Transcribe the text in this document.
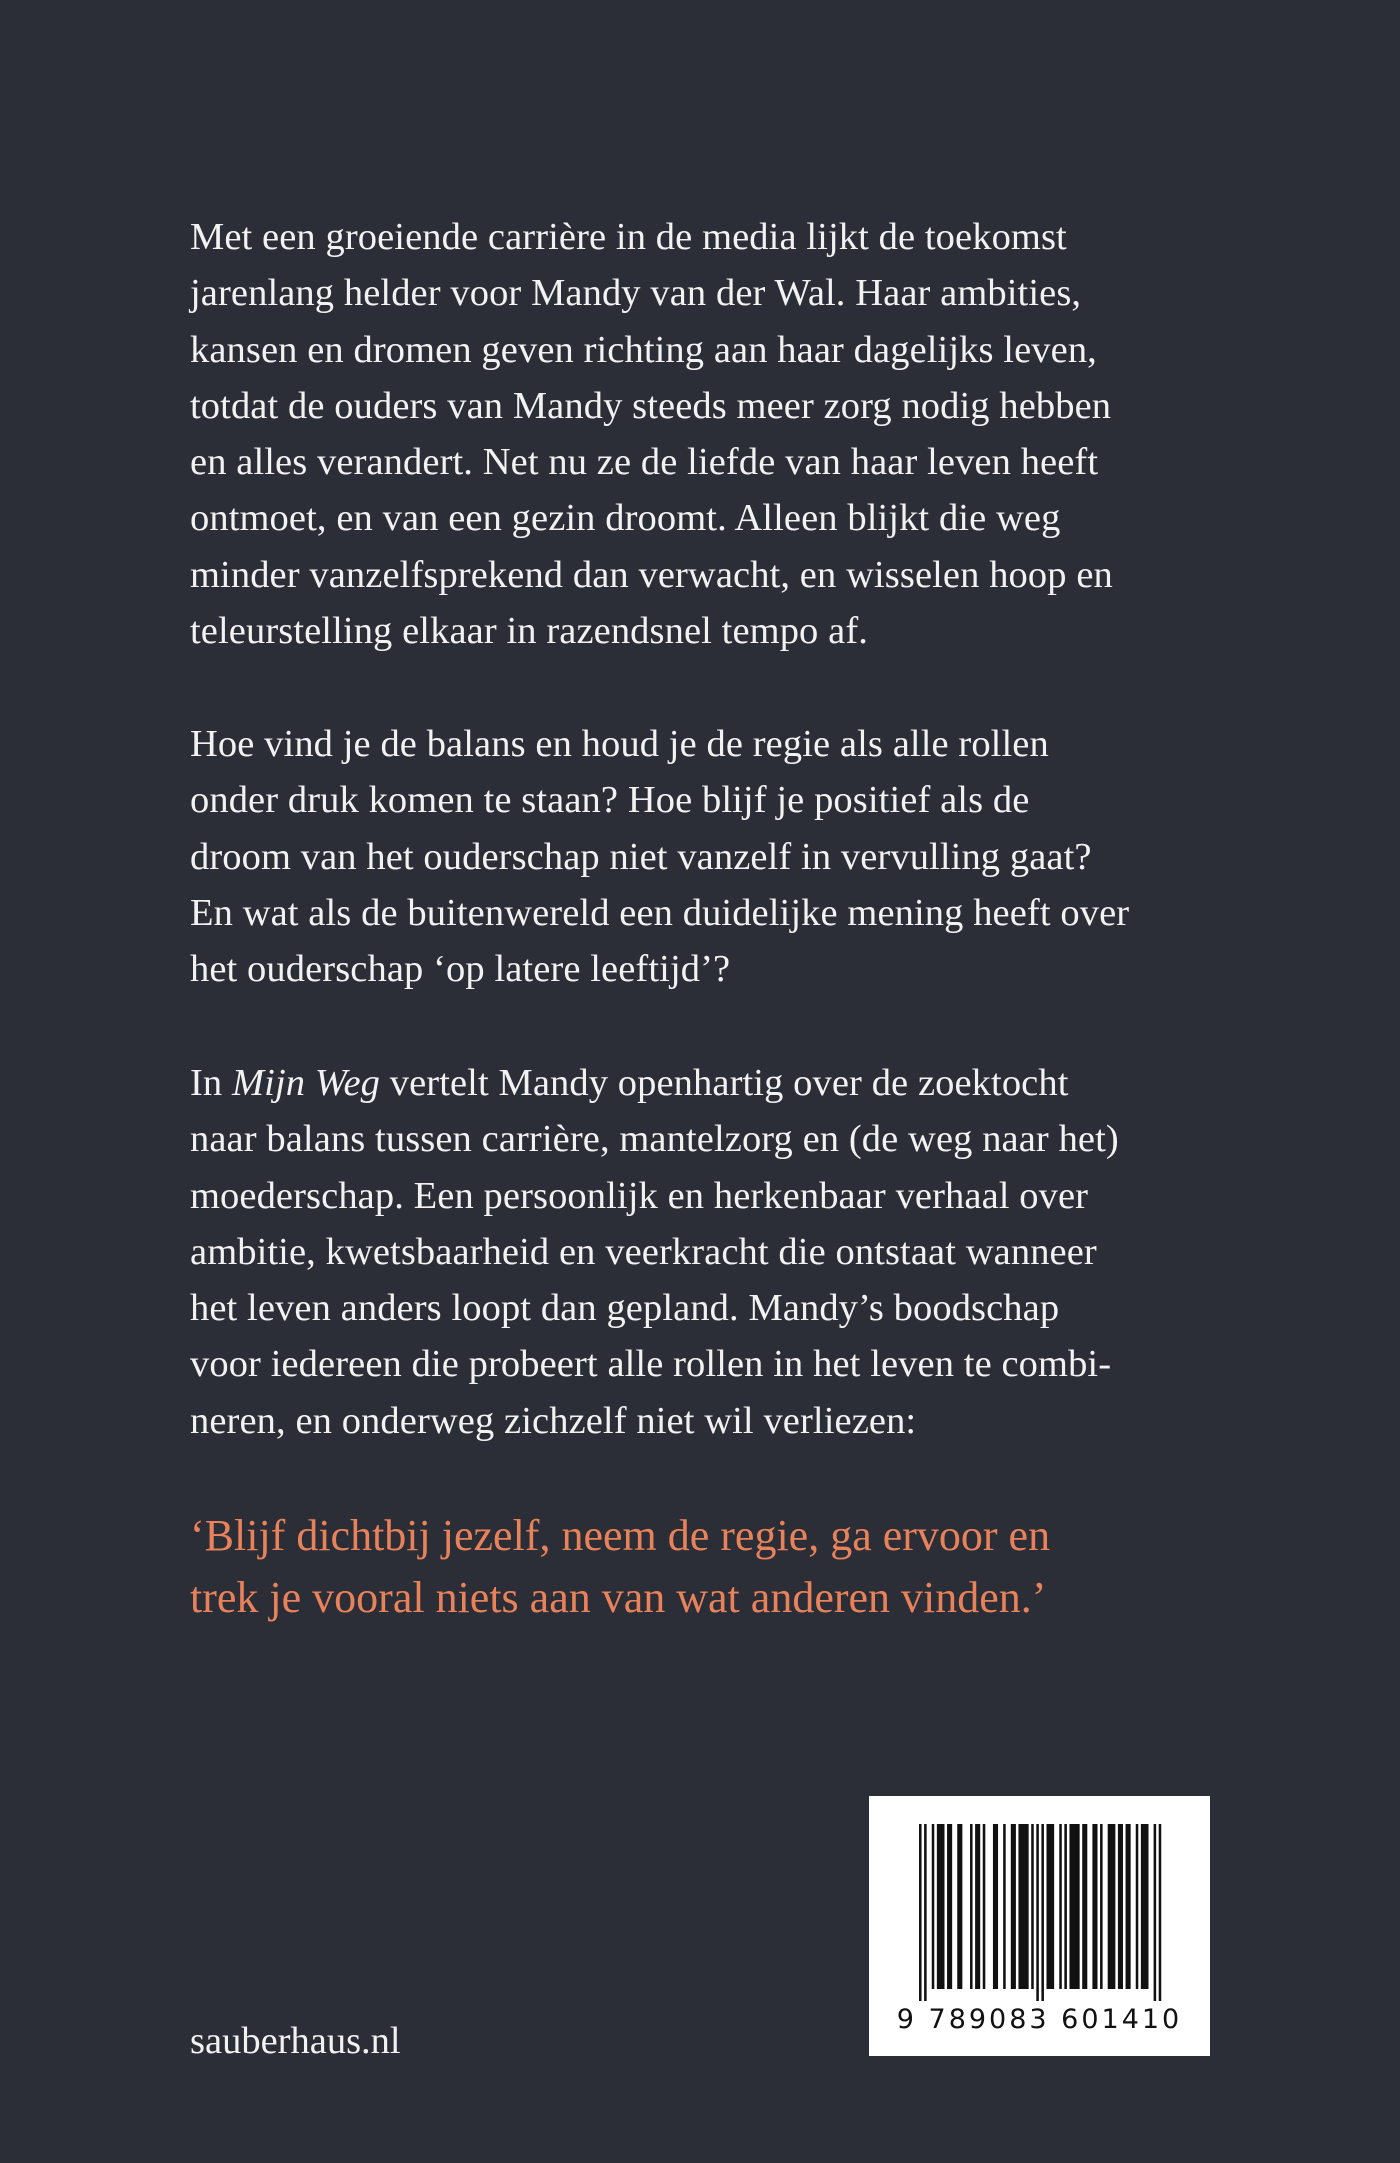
Met een groeiende carrière in de media lijkt de toekomst
jarenlang helder voor Mandy van der Wal. Haar ambities,
kansen en dromen geven richting aan haar dagelijks leven,
totdat de ouders van Mandy steeds meer zorg nodig hebben
en alles verandert. Net nu ze de liefde van haar leven heeft
ontmoet, en van een gezin droomt. Alleen blijkt die weg
minder vanzelfsprekend dan verwacht, en wisselen hoop en
teleurstelling elkaar in razendsnel tempo af.
Hoe vind je de balans en houd je de regie als alle rollen
onder druk komen te staan? Hoe blijf je positief als de
droom van het ouderschap niet vanzelf in vervulling gaat?
En wat als de buitenwereld een duidelijke mening heeft over
het ouderschap ‘op latere leeftijd’?
In Mijn Weg vertelt Mandy openhartig over de zoektocht
naar balans tussen carrière, mantelzorg en (de weg naar het)
moederschap. Een persoonlijk en herkenbaar verhaal over
ambitie, kwetsbaarheid en veerkracht die ontstaat wanneer
het leven anders loopt dan gepland. Mandy’s boodschap
voor iedereen die probeert alle rollen in het leven te combi-
neren, en onderweg zichzelf niet wil verliezen:
‘Blijf dichtbij jezelf, neem de regie, ga ervoor en
trek je vooral niets aan van wat anderen vinden.’
9 789083 601410
sauberhaus.nl
